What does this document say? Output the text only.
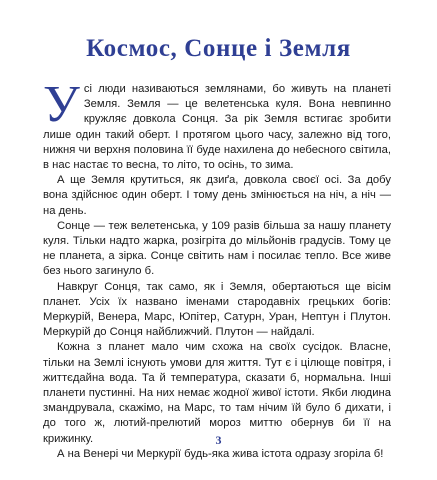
Космос, Сонце і Земля

Усі люди називаються землянами, бо живуть на планеті Земля. Земля — це велетенська куля. Вона невпинно кружляє довкола Сонця. За рік Земля встигає зробити лише один такий оберт. І протягом цього часу, залежно від того, нижня чи верхня половина її буде нахилена до небесного світила, в нас настає то весна, то літо, то осінь, то зима.

А ще Земля крутиться, як дзиґа, довкола своєї осі. За добу вона здійснює один оберт. І тому день змінюється на ніч, а ніч — на день.

Сонце — теж велетенська, у 109 разів більша за нашу планету куля. Тільки надто жарка, розігріта до мільйонів градусів. Тому це не планета, а зірка. Сонце світить нам і посилає тепло. Все живе без нього загинуло б.

Навкруг Сонця, так само, як і Земля, обертаються ще вісім планет. Усіх їх названо іменами стародавніх грецьких богів: Меркурій, Венера, Марс, Юпітер, Сатурн, Уран, Нептун і Плутон. Меркурій до Сонця найближчий. Плутон — найдалі.

Кожна з планет мало чим схожа на своїх сусідок. Власне, тільки на Землі існують умови для життя. Тут є і цілюще повітря, і життєдайна вода. Та й температура, сказати б, нормальна. Інші планети пустинні. На них немає жодної живої істоти. Якби людина змандрувала, скажімо, на Марс, то там нічим їй було б дихати, і до того ж, лютий-прелютий мороз миттю обернув би її на крижинку.

А на Венері чи Меркурії будь-яка жива істота одразу згоріла б!

3
